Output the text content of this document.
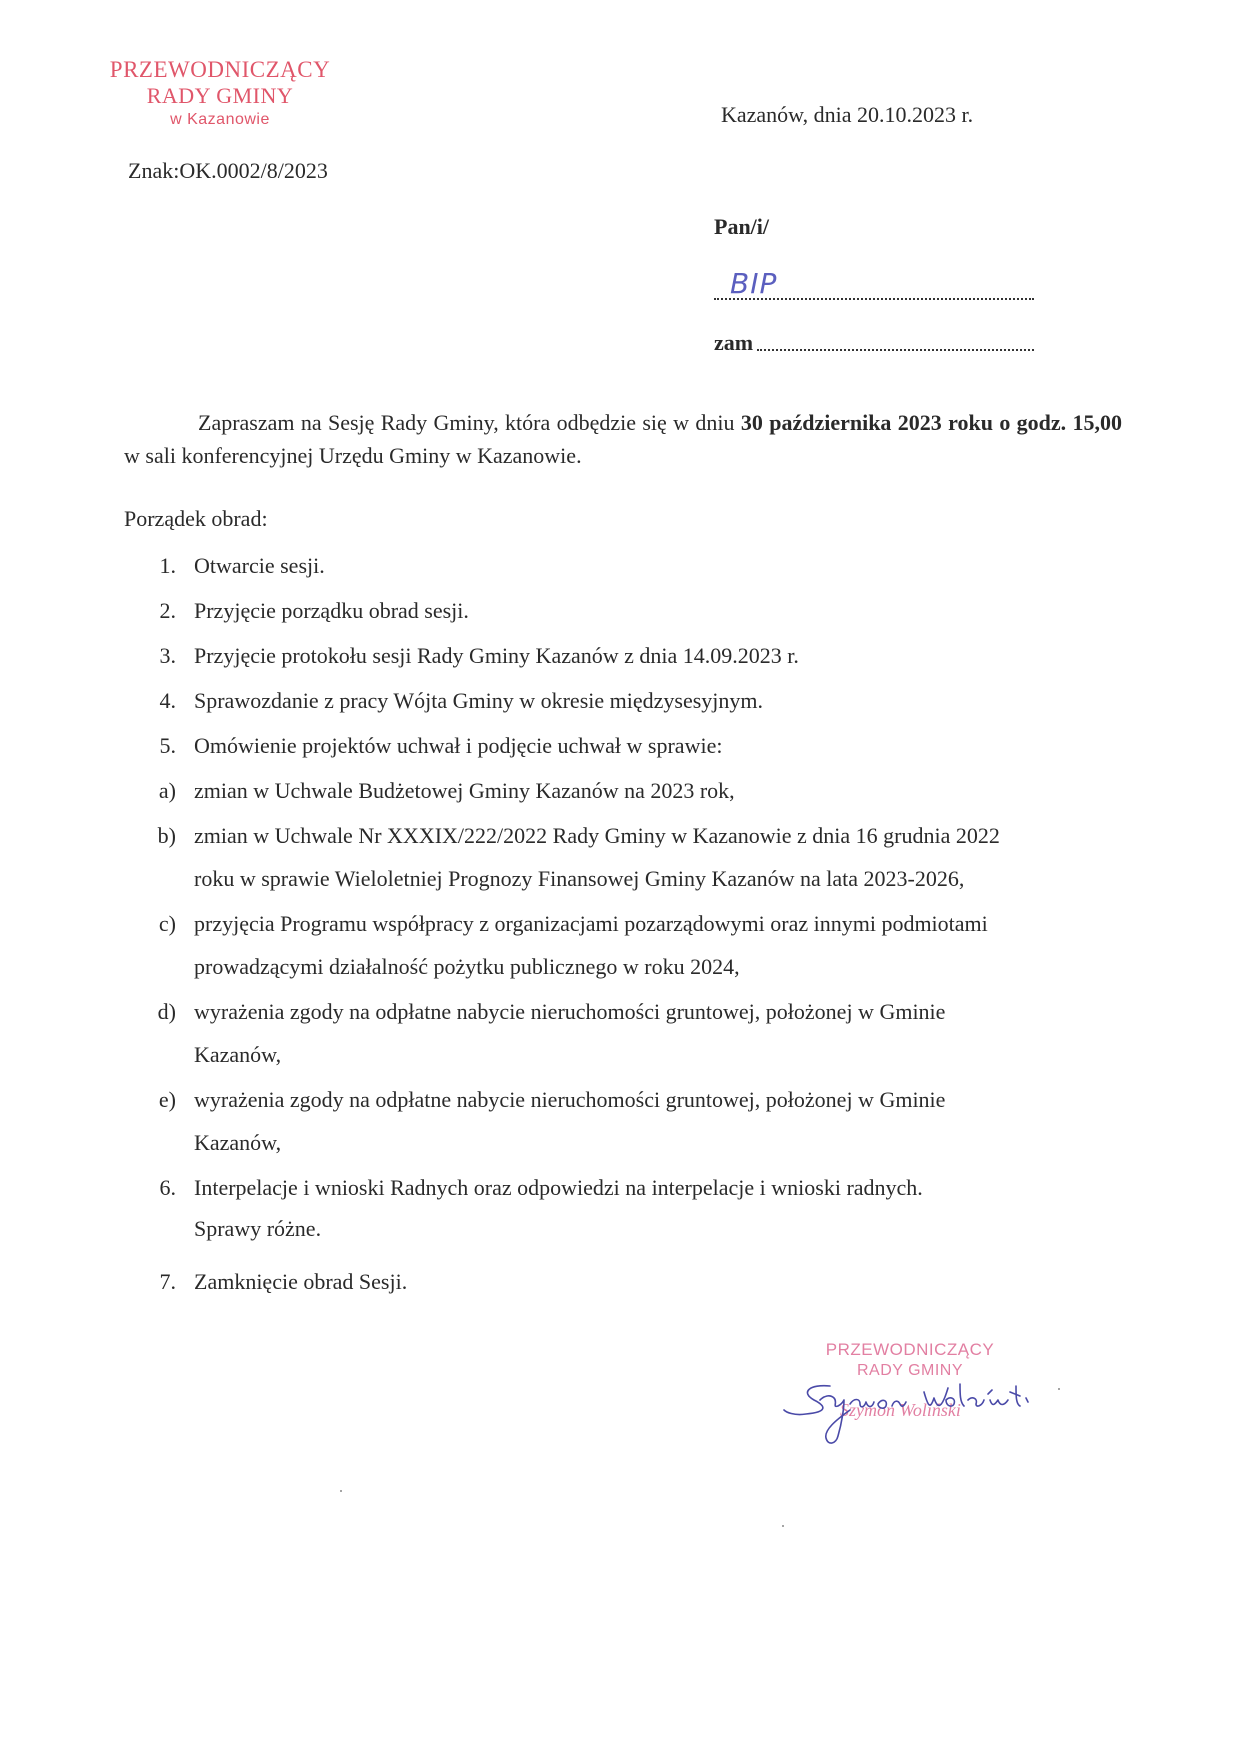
PRZEWODNICZĄCY
RADY GMINY
w Kazanowie
Znak:OK.0002/8/2023
Kazanów, dnia 20.10.2023 r.
Pan/i/
BIP
zam
Zapraszam na Sesję Rady Gminy, która odbędzie się w dniu 30 października 2023 roku o godz. 15,00 w sali konferencyjnej Urzędu Gminy w Kazanowie.
Porządek obrad:
1. Otwarcie sesji.
2. Przyjęcie porządku obrad sesji.
3. Przyjęcie protokołu sesji Rady Gminy Kazanów z dnia 14.09.2023 r.
4. Sprawozdanie z pracy Wójta Gminy w okresie międzysesyjnym.
5. Omówienie projektów uchwał i podjęcie uchwał w sprawie:
a) zmian w Uchwale Budżetowej Gminy Kazanów na 2023 rok,
b) zmian w Uchwale Nr XXXIX/222/2022 Rady Gminy w Kazanowie z dnia 16 grudnia 2022
roku w sprawie Wieloletniej Prognozy Finansowej Gminy Kazanów na lata 2023-2026,
c) przyjęcia Programu współpracy z organizacjami pozarządowymi oraz innymi podmiotami
prowadzącymi działalność pożytku publicznego w roku 2024,
d) wyrażenia zgody na odpłatne nabycie nieruchomości gruntowej, położonej w Gminie
Kazanów,
e) wyrażenia zgody na odpłatne nabycie nieruchomości gruntowej, położonej w Gminie
Kazanów,
6. Interpelacje i wnioski Radnych oraz odpowiedzi na interpelacje i wnioski radnych.
Sprawy różne.
7. Zamknięcie obrad Sesji.
PRZEWODNICZĄCY
RADY GMINY
Szymon Woliński
